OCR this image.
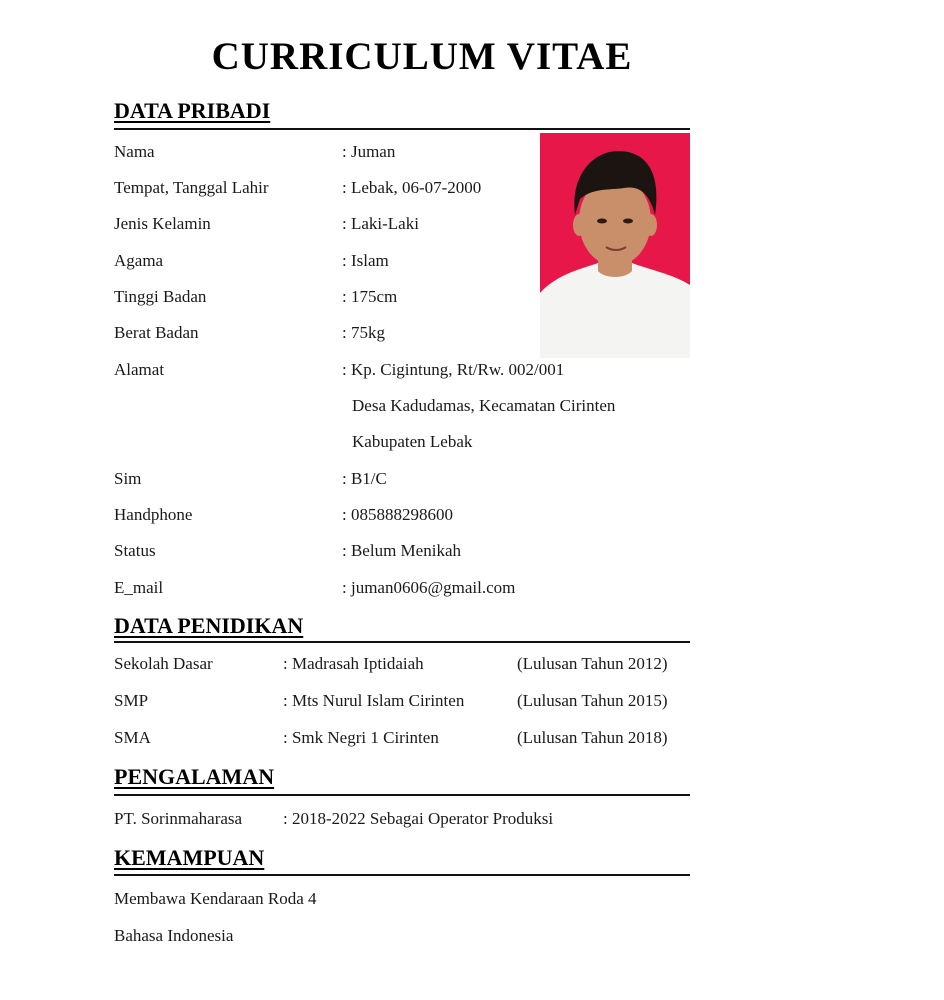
CURRICULUM VITAE
DATA PRIBADI
Nama	: Juman
Tempat, Tanggal Lahir	: Lebak, 06-07-2000
Jenis Kelamin	: Laki-Laki
Agama	: Islam
Tinggi Badan	: 175cm
Berat Badan	: 75kg
Alamat	: Kp. Cigintung, Rt/Rw. 002/001
Desa Kadudamas, Kecamatan Cirinten
Kabupaten Lebak
Sim	: B1/C
Handphone	: 085888298600
Status	: Belum Menikah
E_mail	: juman0606@gmail.com
DATA PENIDIKAN
Sekolah Dasar	: Madrasah Iptidaiah	(Lulusan Tahun 2012)
SMP	: Mts Nurul Islam Cirinten	(Lulusan Tahun 2015)
SMA	: Smk Negri 1 Cirinten	(Lulusan Tahun 2018)
PENGALAMAN
PT. Sorinmaharasa : 2018-2022 Sebagai Operator Produksi
KEMAMPUAN
Membawa Kendaraan Roda 4
Bahasa Indonesia
